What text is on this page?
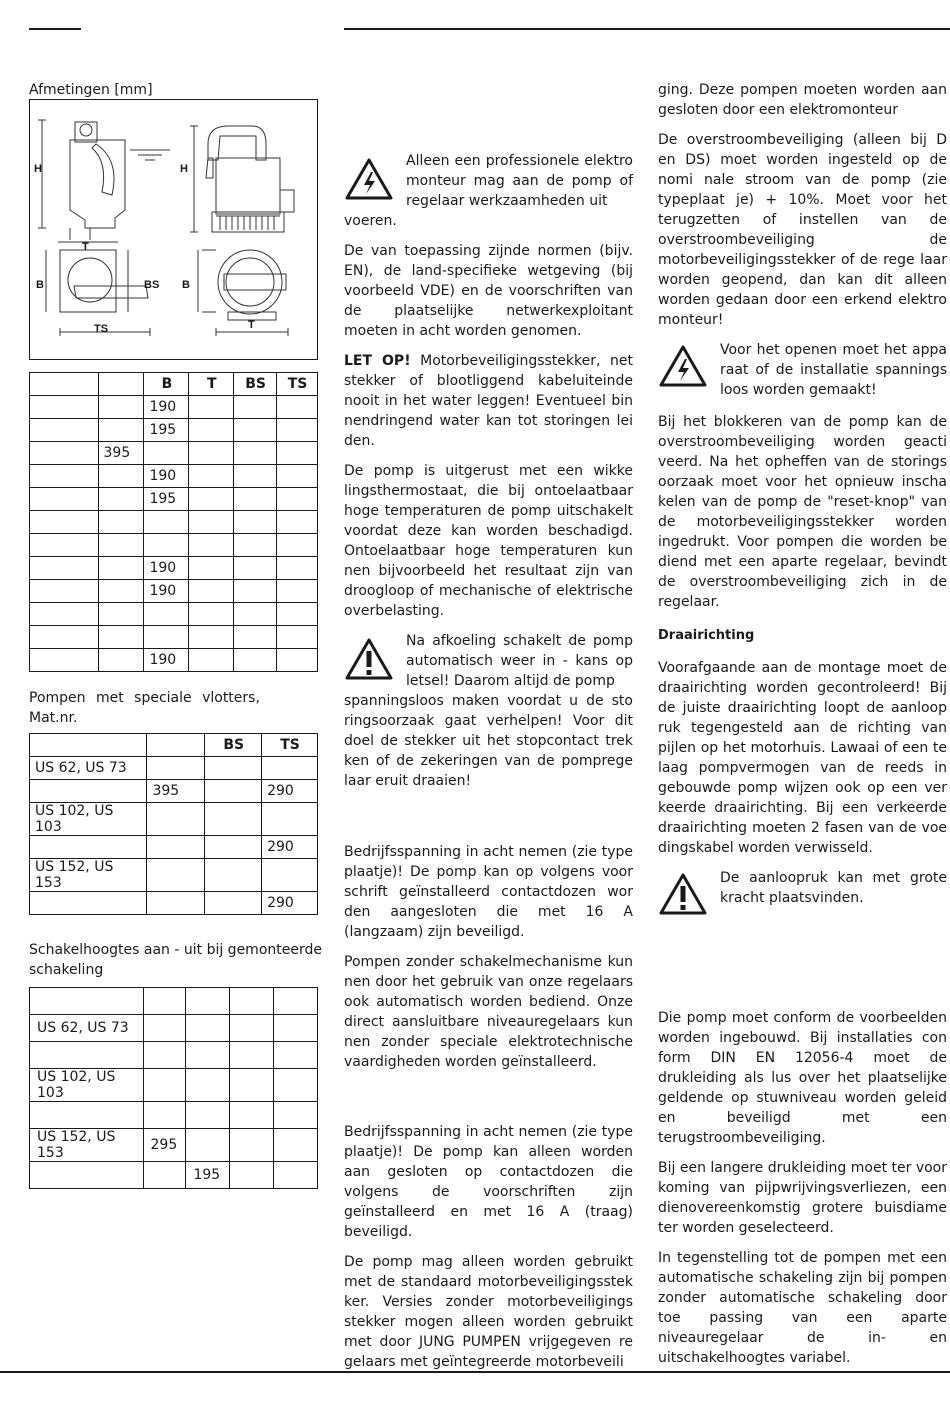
Afmetingen [mm]
H	H
T
B	BS
TS
B
T
		B	T	BS	TS
		190			
		195			
	395				
		190			
		195			

		190			
		190			

		190			
Pompen met speciale vlotters, Mat.nr.
		BS	TS
US 62, US 73			
	395		290
US 102, US 103			
			290
US 152, US 153			
			290
Schakelhoogtes aan - uit bij gemonteerde schakeling

US 62, US 73				

US 102, US 103				

US 152, US 153	295			
		195		

Alleen een professionele elektro monteur mag aan de pomp of regelaar werkzaamheden uit

voeren.

De van toepassing zijnde normen (bijv. EN), de land-specifieke wetgeving (bij voorbeeld VDE) en de voorschriften van de plaatselijke netwerkexploitant moeten in acht worden genomen.

LET OP! Motorbeveiligingsstekker, net stekker of blootliggend kabeluiteinde nooit in het water leggen! Eventueel bin nendringend water kan tot storingen lei den.

De pomp is uitgerust met een wikke lingsthermostaat, die bij ontoelaatbaar hoge temperaturen de pomp uitschakelt voordat deze kan worden beschadigd. Ontoelaatbaar hoge temperaturen kun nen bijvoorbeeld het resultaat zijn van droogloop of mechanische of elektrische overbelasting.

Na afkoeling schakelt de pomp automatisch weer in - kans op letsel! Daarom altijd de pomp

spanningsloos maken voordat u de sto ringsoorzaak gaat verhelpen! Voor dit doel de stekker uit het stopcontact trek ken of de zekeringen van de pomprege laar eruit draaien!

Bedrijfsspanning in acht nemen (zie type plaatje)! De pomp kan op volgens voor schrift geïnstalleerd contactdozen wor den aangesloten die met 16 A (langzaam) zijn beveiligd.

Pompen zonder schakelmechanisme kun nen door het gebruik van onze regelaars ook automatisch worden bediend. Onze direct aansluitbare niveauregelaars kun nen zonder speciale elektrotechnische vaardigheden worden geïnstalleerd.

Bedrijfsspanning in acht nemen (zie type plaatje)! De pomp kan alleen worden aan gesloten op contactdozen die volgens de voorschriften zijn geïnstalleerd en met 16 A (traag) beveiligd.

De pomp mag alleen worden gebruikt met de standaard motorbeveiligingsstek ker. Versies zonder motorbeveiligings stekker mogen alleen worden gebruikt met door JUNG PUMPEN vrijgegeven re gelaars met geïntegreerde motorbeveili

ging. Deze pompen moeten worden aan gesloten door een elektromonteur

De overstroombeveiliging (alleen bij D en DS) moet worden ingesteld op de nomi nale stroom van de pomp (zie typeplaat je) + 10%. Moet voor het terugzetten of instellen van de overstroombeveiliging de motorbeveiligingsstekker of de rege laar worden geopend, dan kan dit alleen worden gedaan door een erkend elektro monteur!

Voor het openen moet het appa raat of de installatie spannings loos worden gemaakt!

Bij het blokkeren van de pomp kan de overstroombeveiliging worden geacti veerd. Na het opheffen van de storings oorzaak moet voor het opnieuw inscha kelen van de pomp de "reset-knop" van de motorbeveiligingsstekker worden ingedrukt. Voor pompen die worden be diend met een aparte regelaar, bevindt de overstroombeveiliging zich in de regelaar.

Draairichting

Voorafgaande aan de montage moet de draairichting worden gecontroleerd! Bij de juiste draairichting loopt de aanloop ruk tegengesteld aan de richting van pijlen op het motorhuis. Lawaai of een te laag pompvermogen van de reeds in gebouwde pomp wijzen ook op een ver keerde draairichting. Bij een verkeerde draairichting moeten 2 fasen van de voe dingskabel worden verwisseld.

De aanloopruk kan met grote kracht plaatsvinden.

Die pomp moet conform de voorbeelden worden ingebouwd. Bij installaties con form DIN EN 12056-4 moet de drukleiding als lus over het plaatselijke geldende op stuwniveau worden geleid en beveiligd met een terugstroombeveiliging.

Bij een langere drukleiding moet ter voor koming van pijpwrijvingsverliezen, een dienovereenkomstig grotere buisdiame ter worden geselecteerd.

In tegenstelling tot de pompen met een automatische schakeling zijn bij pompen zonder automatische schakeling door toe passing van een aparte niveauregelaar de in- en uitschakelhoogtes variabel.
